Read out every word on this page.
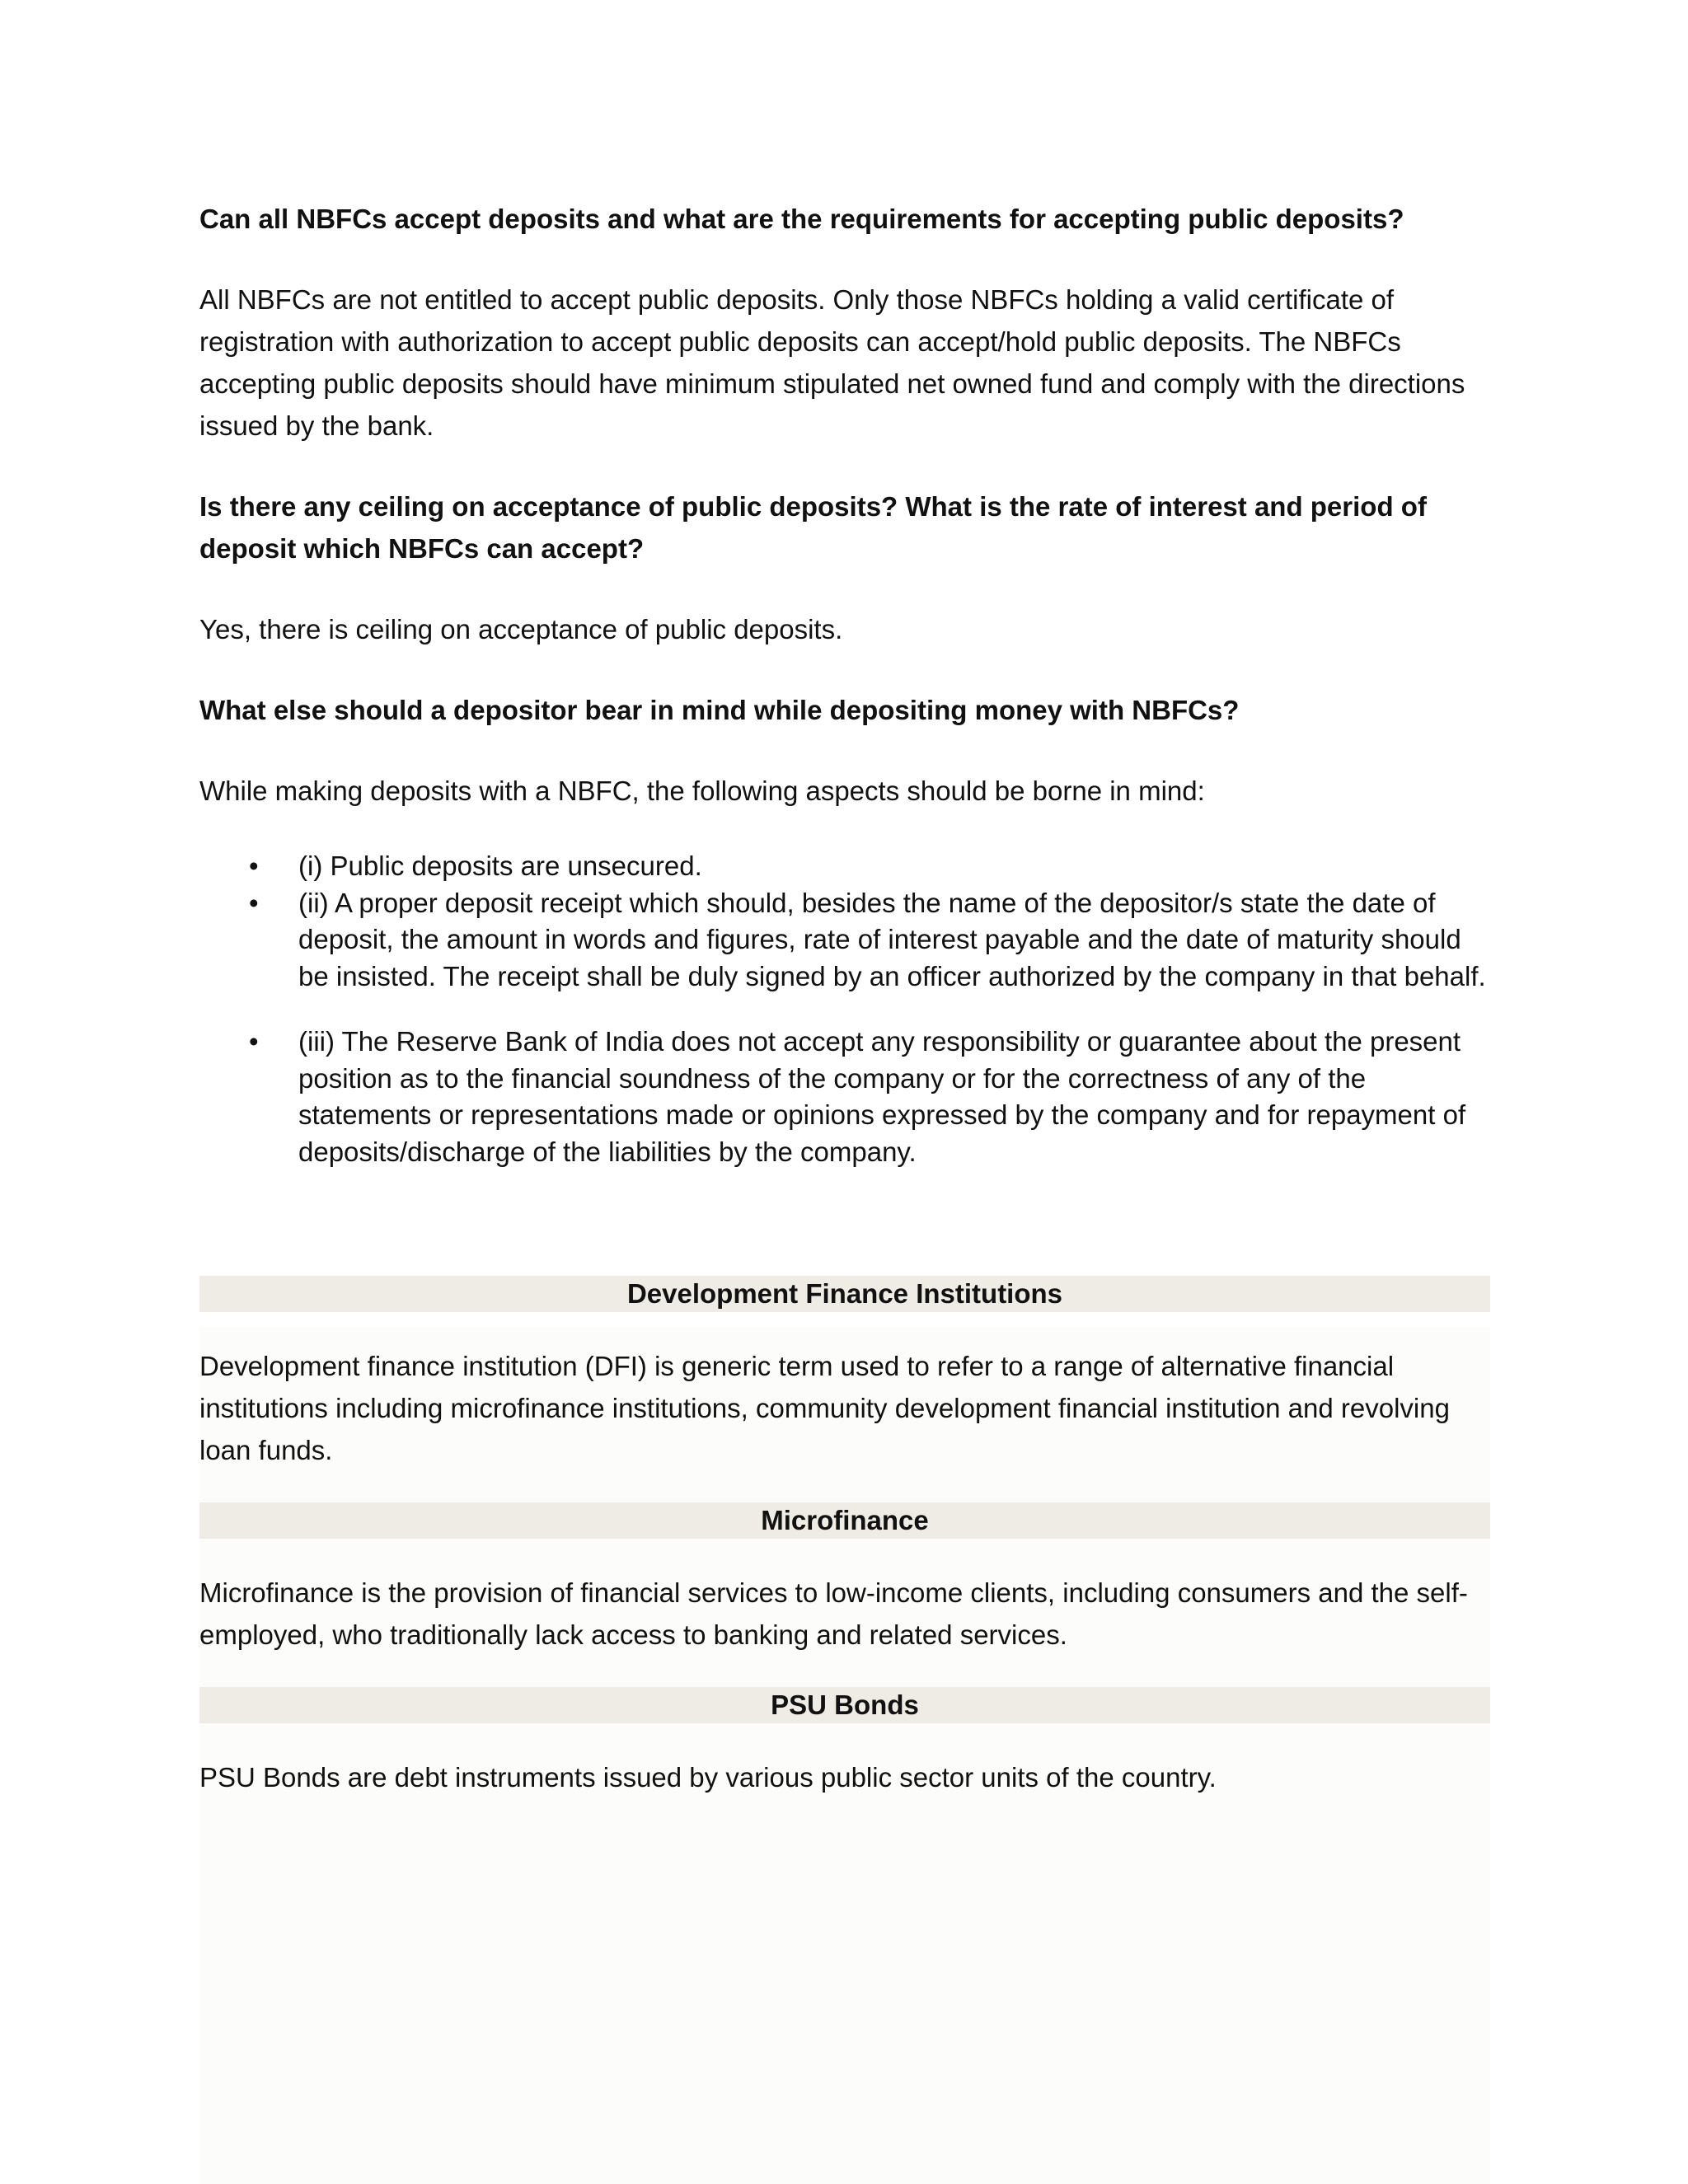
Can all NBFCs accept deposits and what are the requirements for accepting public deposits?

All NBFCs are not entitled to accept public deposits. Only those NBFCs holding a valid certificate of registration with authorization to accept public deposits can accept/hold public deposits. The NBFCs accepting public deposits should have minimum stipulated net owned fund and comply with the directions issued by the bank.

Is there any ceiling on acceptance of public deposits? What is the rate of interest and period of deposit which NBFCs can accept?

Yes, there is ceiling on acceptance of public deposits.

What else should a depositor bear in mind while depositing money with NBFCs?

While making deposits with a NBFC, the following aspects should be borne in mind:

• (i) Public deposits are unsecured.
• (ii) A proper deposit receipt which should, besides the name of the depositor/s state the date of deposit, the amount in words and figures, rate of interest payable and the date of maturity should be insisted. The receipt shall be duly signed by an officer authorized by the company in that behalf.
• (iii) The Reserve Bank of India does not accept any responsibility or guarantee about the present position as to the financial soundness of the company or for the correctness of any of the statements or representations made or opinions expressed by the company and for repayment of deposits/discharge of the liabilities by the company.
Development Finance Institutions

Development finance institution (DFI) is generic term used to refer to a range of alternative financial institutions including microfinance institutions, community development financial institution and revolving loan funds.

Microfinance

Microfinance is the provision of financial services to low-income clients, including consumers and the self-employed, who traditionally lack access to banking and related services.

PSU Bonds

PSU Bonds are debt instruments issued by various public sector units of the country.
